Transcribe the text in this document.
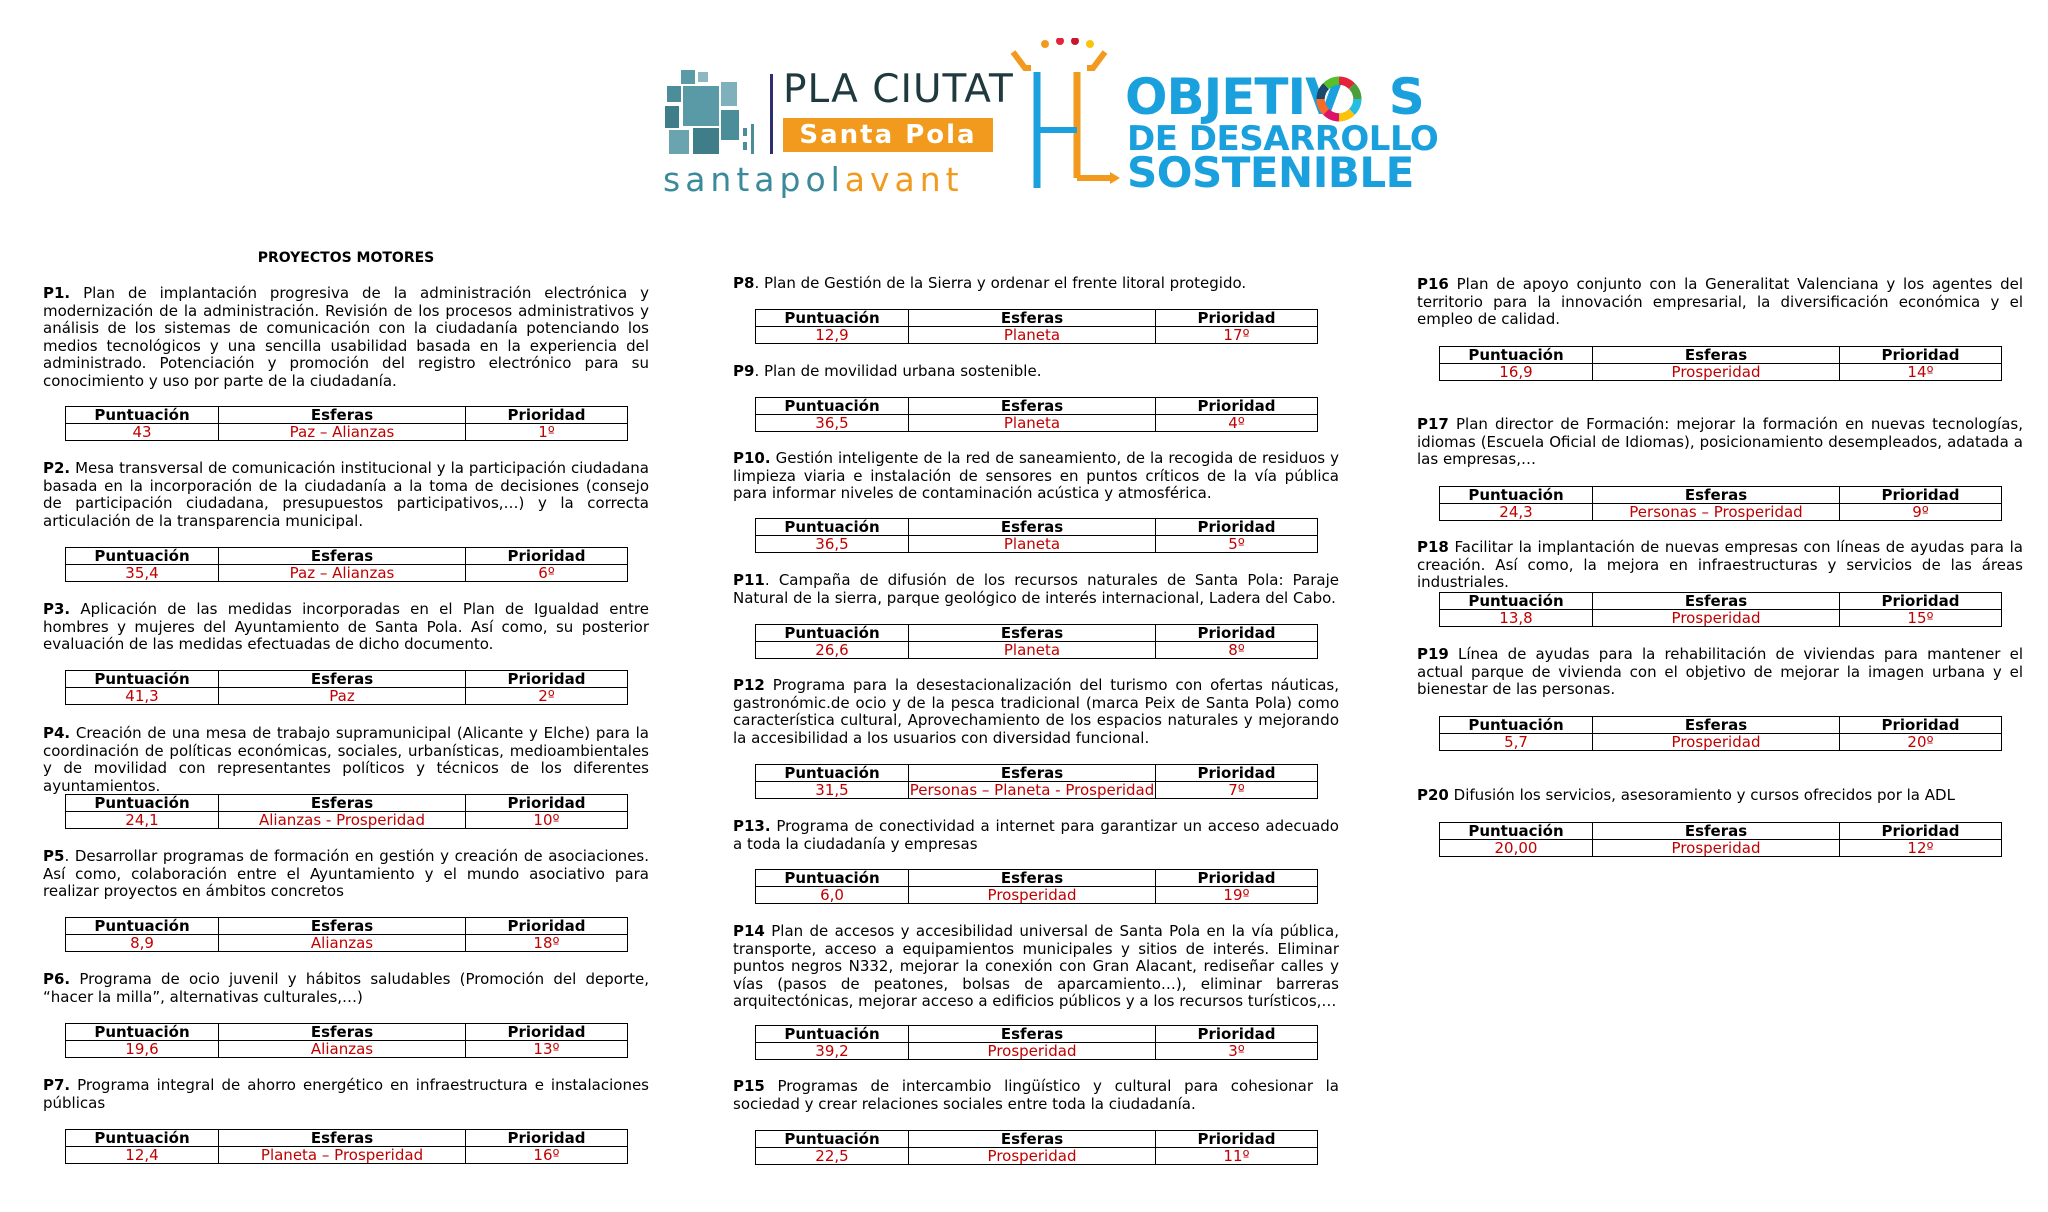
PLA CIUTAT
Santa Pola
santapolavant
OBJETIV S
DE DESARROLLO
SOSTENIBLE
PROYECTOS MOTORES

P1. Plan de implantación progresiva de la administración electrónica y modernización de la administración. Revisión de los procesos administrativos y análisis de los sistemas de comunicación con la ciudadanía potenciando los medios tecnológicos y una sencilla usabilidad basada en la experiencia del administrado. Potenciación y promoción del registro electrónico para su conocimiento y uso por parte de la ciudadanía.

Puntuación	Esferas	Prioridad
43	Paz – Alianzas	1º

P2. Mesa transversal de comunicación institucional y la participación ciudadana basada en la incorporación de la ciudadanía a la toma de decisiones (consejo de participación ciudadana, presupuestos participativos,…) y la correcta articulación de la transparencia municipal.

Puntuación	Esferas	Prioridad
35,4	Paz – Alianzas	6º

P3. Aplicación de las medidas incorporadas en el Plan de Igualdad entre hombres y mujeres del Ayuntamiento de Santa Pola. Así como, su posterior evaluación de las medidas efectuadas de dicho documento.

Puntuación	Esferas	Prioridad
41,3	Paz	2º

P4. Creación de una mesa de trabajo supramunicipal (Alicante y Elche) para la coordinación de políticas económicas, sociales, urbanísticas, medioambientales y de movilidad con representantes políticos y técnicos de los diferentes ayuntamientos.

Puntuación	Esferas	Prioridad
24,1	Alianzas - Prosperidad	10º

P5. Desarrollar programas de formación en gestión y creación de asociaciones. Así como, colaboración entre el Ayuntamiento y el mundo asociativo para realizar proyectos en ámbitos concretos

Puntuación	Esferas	Prioridad
8,9	Alianzas	18º

P6. Programa de ocio juvenil y hábitos saludables (Promoción del deporte, “hacer la milla”, alternativas culturales,…)

Puntuación	Esferas	Prioridad
19,6	Alianzas	13º

P7. Programa integral de ahorro energético en infraestructura e instalaciones públicas

Puntuación	Esferas	Prioridad
12,4	Planeta – Prosperidad	16º

P8. Plan de Gestión de la Sierra y ordenar el frente litoral protegido.

Puntuación	Esferas	Prioridad
12,9	Planeta	17º

P9. Plan de movilidad urbana sostenible.

Puntuación	Esferas	Prioridad
36,5	Planeta	4º

P10. Gestión inteligente de la red de saneamiento, de la recogida de residuos y limpieza viaria e instalación de sensores en puntos críticos de la vía pública para informar niveles de contaminación acústica y atmosférica.

Puntuación	Esferas	Prioridad
36,5	Planeta	5º

P11. Campaña de difusión de los recursos naturales de Santa Pola: Paraje Natural de la sierra, parque geológico de interés internacional, Ladera del Cabo.

Puntuación	Esferas	Prioridad
26,6	Planeta	8º

P12 Programa para la desestacionalización del turismo con ofertas náuticas, gastronómic.de ocio y de la pesca tradicional (marca Peix de Santa Pola) como característica cultural, Aprovechamiento de los espacios naturales y mejorando la accesibilidad a los usuarios con diversidad funcional.

Puntuación	Esferas	Prioridad
31,5	Personas – Planeta - Prosperidad	7º

P13. Programa de conectividad a internet para garantizar un acceso adecuado a toda la ciudadanía y empresas

Puntuación	Esferas	Prioridad
6,0	Prosperidad	19º

P14 Plan de accesos y accesibilidad universal de Santa Pola en la vía pública, transporte, acceso a equipamientos municipales y sitios de interés. Eliminar puntos negros N332, mejorar la conexión con Gran Alacant, rediseñar calles y vías (pasos de peatones, bolsas de aparcamiento…), eliminar barreras arquitectónicas, mejorar acceso a edificios públicos y a los recursos turísticos,…

Puntuación	Esferas	Prioridad
39,2	Prosperidad	3º

P15 Programas de intercambio lingüístico y cultural para cohesionar la sociedad y crear relaciones sociales entre toda la ciudadanía.

Puntuación	Esferas	Prioridad
22,5	Prosperidad	11º

P16 Plan de apoyo conjunto con la Generalitat Valenciana y los agentes del territorio para la innovación empresarial, la diversificación económica y el empleo de calidad.

Puntuación	Esferas	Prioridad
16,9	Prosperidad	14º

P17 Plan director de Formación: mejorar la formación en nuevas tecnologías, idiomas (Escuela Oficial de Idiomas), posicionamiento desempleados, adatada a las empresas,…

Puntuación	Esferas	Prioridad
24,3	Personas – Prosperidad	9º

P18 Facilitar la implantación de nuevas empresas con líneas de ayudas para la creación. Así como, la mejora en infraestructuras y servicios de las áreas industriales.

Puntuación	Esferas	Prioridad
13,8	Prosperidad	15º

P19 Línea de ayudas para la rehabilitación de viviendas para mantener el actual parque de vivienda con el objetivo de mejorar la imagen urbana y el bienestar de las personas.

Puntuación	Esferas	Prioridad
5,7	Prosperidad	20º

P20 Difusión los servicios, asesoramiento y cursos ofrecidos por la ADL

Puntuación	Esferas	Prioridad
20,00	Prosperidad	12º
